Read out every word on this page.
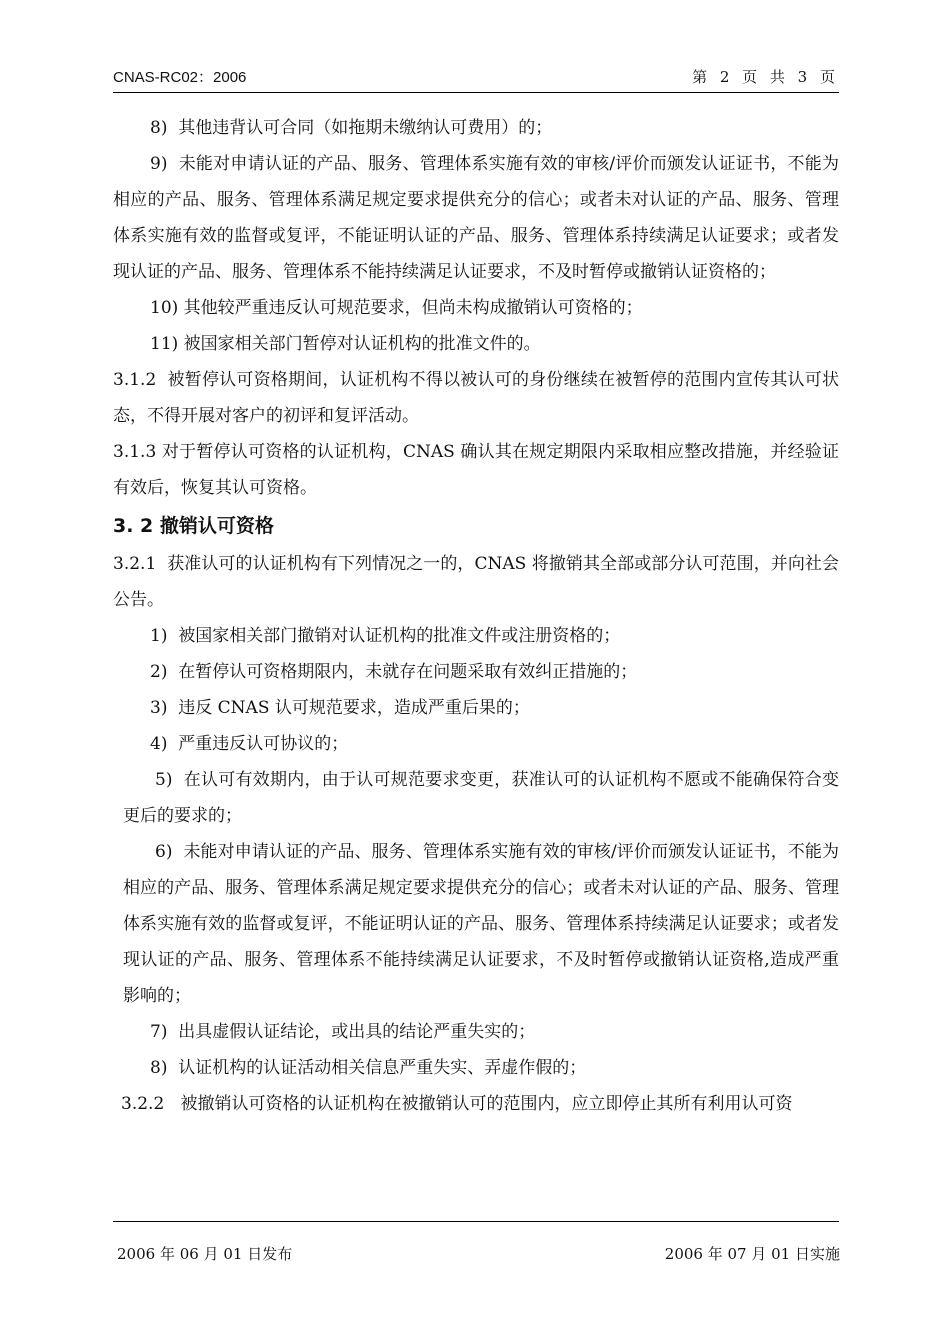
CNAS-RC02：2006	第 2 页 共 3 页

8)  其他违背认可合同（如拖期未缴纳认可费用）的；

9)  未能对申请认证的产品、服务、管理体系实施有效的审核/评价而颁发认证证书，不能为相应的产品、服务、管理体系满足规定要求提供充分的信心；或者未对认证的产品、服务、管理体系实施有效的监督或复评，不能证明认证的产品、服务、管理体系持续满足认证要求；或者发现认证的产品、服务、管理体系不能持续满足认证要求，不及时暂停或撤销认证资格的；

10) 其他较严重违反认可规范要求，但尚未构成撤销认可资格的；

11) 被国家相关部门暂停对认证机构的批准文件的。

3.1.2  被暂停认可资格期间，认证机构不得以被认可的身份继续在被暂停的范围内宣传其认可状态，不得开展对客户的初评和复评活动。

3.1.3 对于暂停认可资格的认证机构，CNAS 确认其在规定期限内采取相应整改措施，并经验证有效后，恢复其认可资格。

3. 2 撤销认可资格

3.2.1  获准认可的认证机构有下列情况之一的，CNAS 将撤销其全部或部分认可范围，并向社会公告。

1)  被国家相关部门撤销对认证机构的批准文件或注册资格的；

2)  在暂停认可资格期限内，未就存在问题采取有效纠正措施的；

3)  违反 CNAS 认可规范要求，造成严重后果的；

4)  严重违反认可协议的；

5)  在认可有效期内，由于认可规范要求变更，获准认可的认证机构不愿或不能确保符合变更后的要求的；

6)  未能对申请认证的产品、服务、管理体系实施有效的审核/评价而颁发认证证书，不能为相应的产品、服务、管理体系满足规定要求提供充分的信心；或者未对认证的产品、服务、管理体系实施有效的监督或复评，不能证明认证的产品、服务、管理体系持续满足认证要求；或者发现认证的产品、服务、管理体系不能持续满足认证要求，不及时暂停或撤销认证资格,造成严重影响的；

7)  出具虚假认证结论，或出具的结论严重失实的；

8)  认证机构的认证活动相关信息严重失实、弄虚作假的；

3.2.2   被撤销认可资格的认证机构在被撤销认可的范围内，应立即停止其所有利用认可资

2006 年 06 月 01 日发布	2006 年 07 月 01 日实施
